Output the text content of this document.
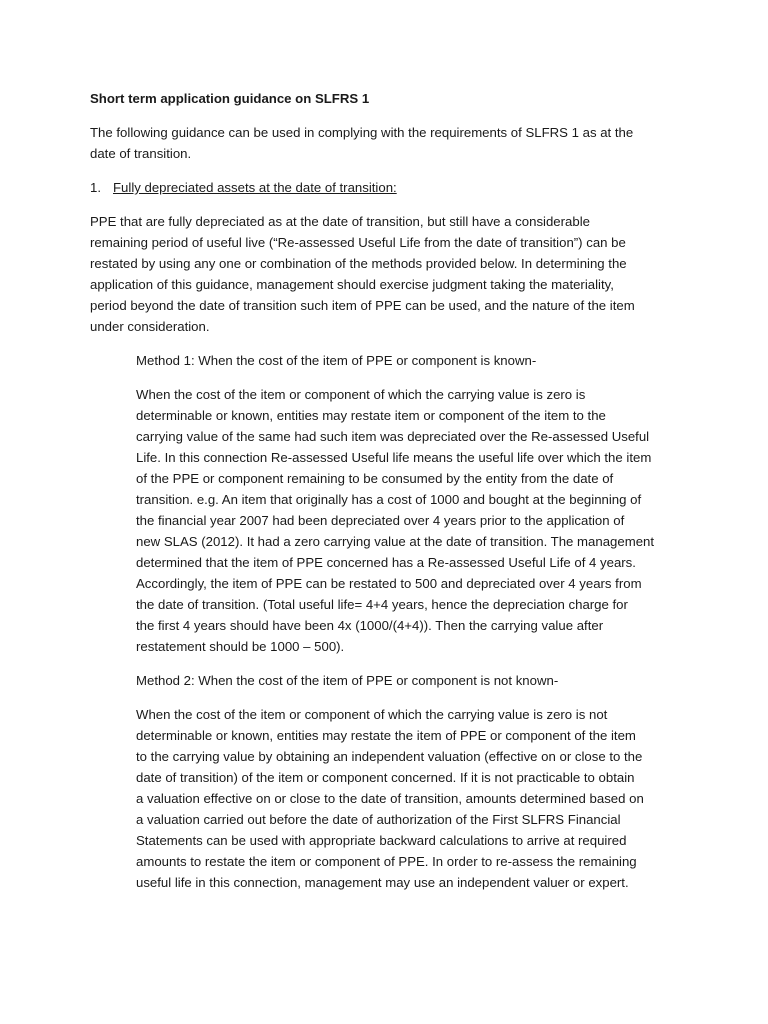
Short term application guidance on SLFRS 1
The following guidance can be used in complying with the requirements of SLFRS 1 as at the
date of transition.
1. Fully depreciated assets at the date of transition:
PPE that are fully depreciated as at the date of transition, but still have a considerable
remaining period of useful live (“Re-assessed Useful Life from the date of transition”) can be
restated by using any one or combination of the methods provided below. In determining the
application of this guidance, management should exercise judgment taking the materiality,
period beyond the date of transition such item of PPE can be used, and the nature of the item
under consideration.
Method 1: When the cost of the item of PPE or component is known-
When the cost of the item or component of which the carrying value is zero is
determinable or known, entities may restate item or component of the item to the
carrying value of the same had such item was depreciated over the Re-assessed Useful
Life. In this connection Re-assessed Useful life means the useful life over which the item
of the PPE or component remaining to be consumed by the entity from the date of
transition. e.g. An item that originally has a cost of 1000 and bought at the beginning of
the financial year 2007 had been depreciated over 4 years prior to the application of
new SLAS (2012). It had a zero carrying value at the date of transition. The management
determined that the item of PPE concerned has a Re-assessed Useful Life of 4 years.
Accordingly, the item of PPE can be restated to 500 and depreciated over 4 years from
the date of transition. (Total useful life= 4+4 years, hence the depreciation charge for
the first 4 years should have been 4x (1000/(4+4)). Then the carrying value after
restatement should be 1000 – 500).
Method 2: When the cost of the item of PPE or component is not known-
When the cost of the item or component of which the carrying value is zero is not
determinable or known, entities may restate the item of PPE or component of the item
to the carrying value by obtaining an independent valuation (effective on or close to the
date of transition) of the item or component concerned. If it is not practicable to obtain
a valuation effective on or close to the date of transition, amounts determined based on
a valuation carried out before the date of authorization of the First SLFRS Financial
Statements can be used with appropriate backward calculations to arrive at required
amounts to restate the item or component of PPE. In order to re-assess the remaining
useful life in this connection, management may use an independent valuer or expert.
